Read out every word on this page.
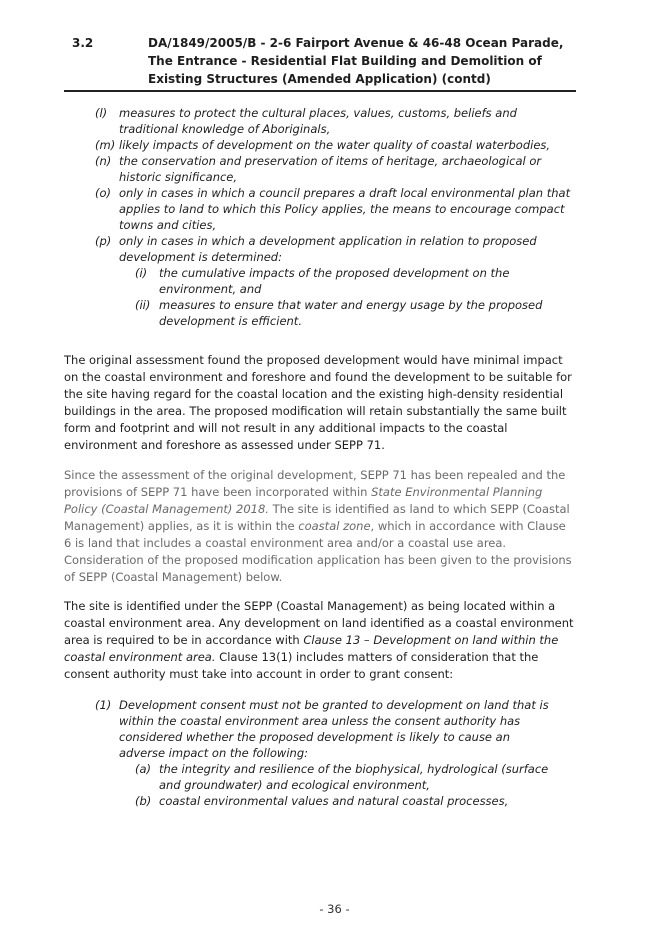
3.2	DA/1849/2005/B - 2-6 Fairport Avenue & 46-48 Ocean Parade, The Entrance - Residential Flat Building and Demolition of Existing Structures (Amended Application) (contd)
(l) measures to protect the cultural places, values, customs, beliefs and traditional knowledge of Aboriginals,
(m) likely impacts of development on the water quality of coastal waterbodies,
(n) the conservation and preservation of items of heritage, archaeological or historic significance,
(o) only in cases in which a council prepares a draft local environmental plan that applies to land to which this Policy applies, the means to encourage compact towns and cities,
(p) only in cases in which a development application in relation to proposed development is determined:
(i) the cumulative impacts of the proposed development on the environment, and
(ii) measures to ensure that water and energy usage by the proposed development is efficient.
The original assessment found the proposed development would have minimal impact on the coastal environment and foreshore and found the development to be suitable for the site having regard for the coastal location and the existing high-density residential buildings in the area. The proposed modification will retain substantially the same built form and footprint and will not result in any additional impacts to the coastal environment and foreshore as assessed under SEPP 71.
Since the assessment of the original development, SEPP 71 has been repealed and the provisions of SEPP 71 have been incorporated within State Environmental Planning Policy (Coastal Management) 2018. The site is identified as land to which SEPP (Coastal Management) applies, as it is within the coastal zone, which in accordance with Clause 6 is land that includes a coastal environment area and/or a coastal use area. Consideration of the proposed modification application has been given to the provisions of SEPP (Coastal Management) below.
The site is identified under the SEPP (Coastal Management) as being located within a coastal environment area. Any development on land identified as a coastal environment area is required to be in accordance with Clause 13 – Development on land within the coastal environment area. Clause 13(1) includes matters of consideration that the consent authority must take into account in order to grant consent:
(1) Development consent must not be granted to development on land that is within the coastal environment area unless the consent authority has considered whether the proposed development is likely to cause an adverse impact on the following:
(a) the integrity and resilience of the biophysical, hydrological (surface and groundwater) and ecological environment,
(b) coastal environmental values and natural coastal processes,
- 36 -
